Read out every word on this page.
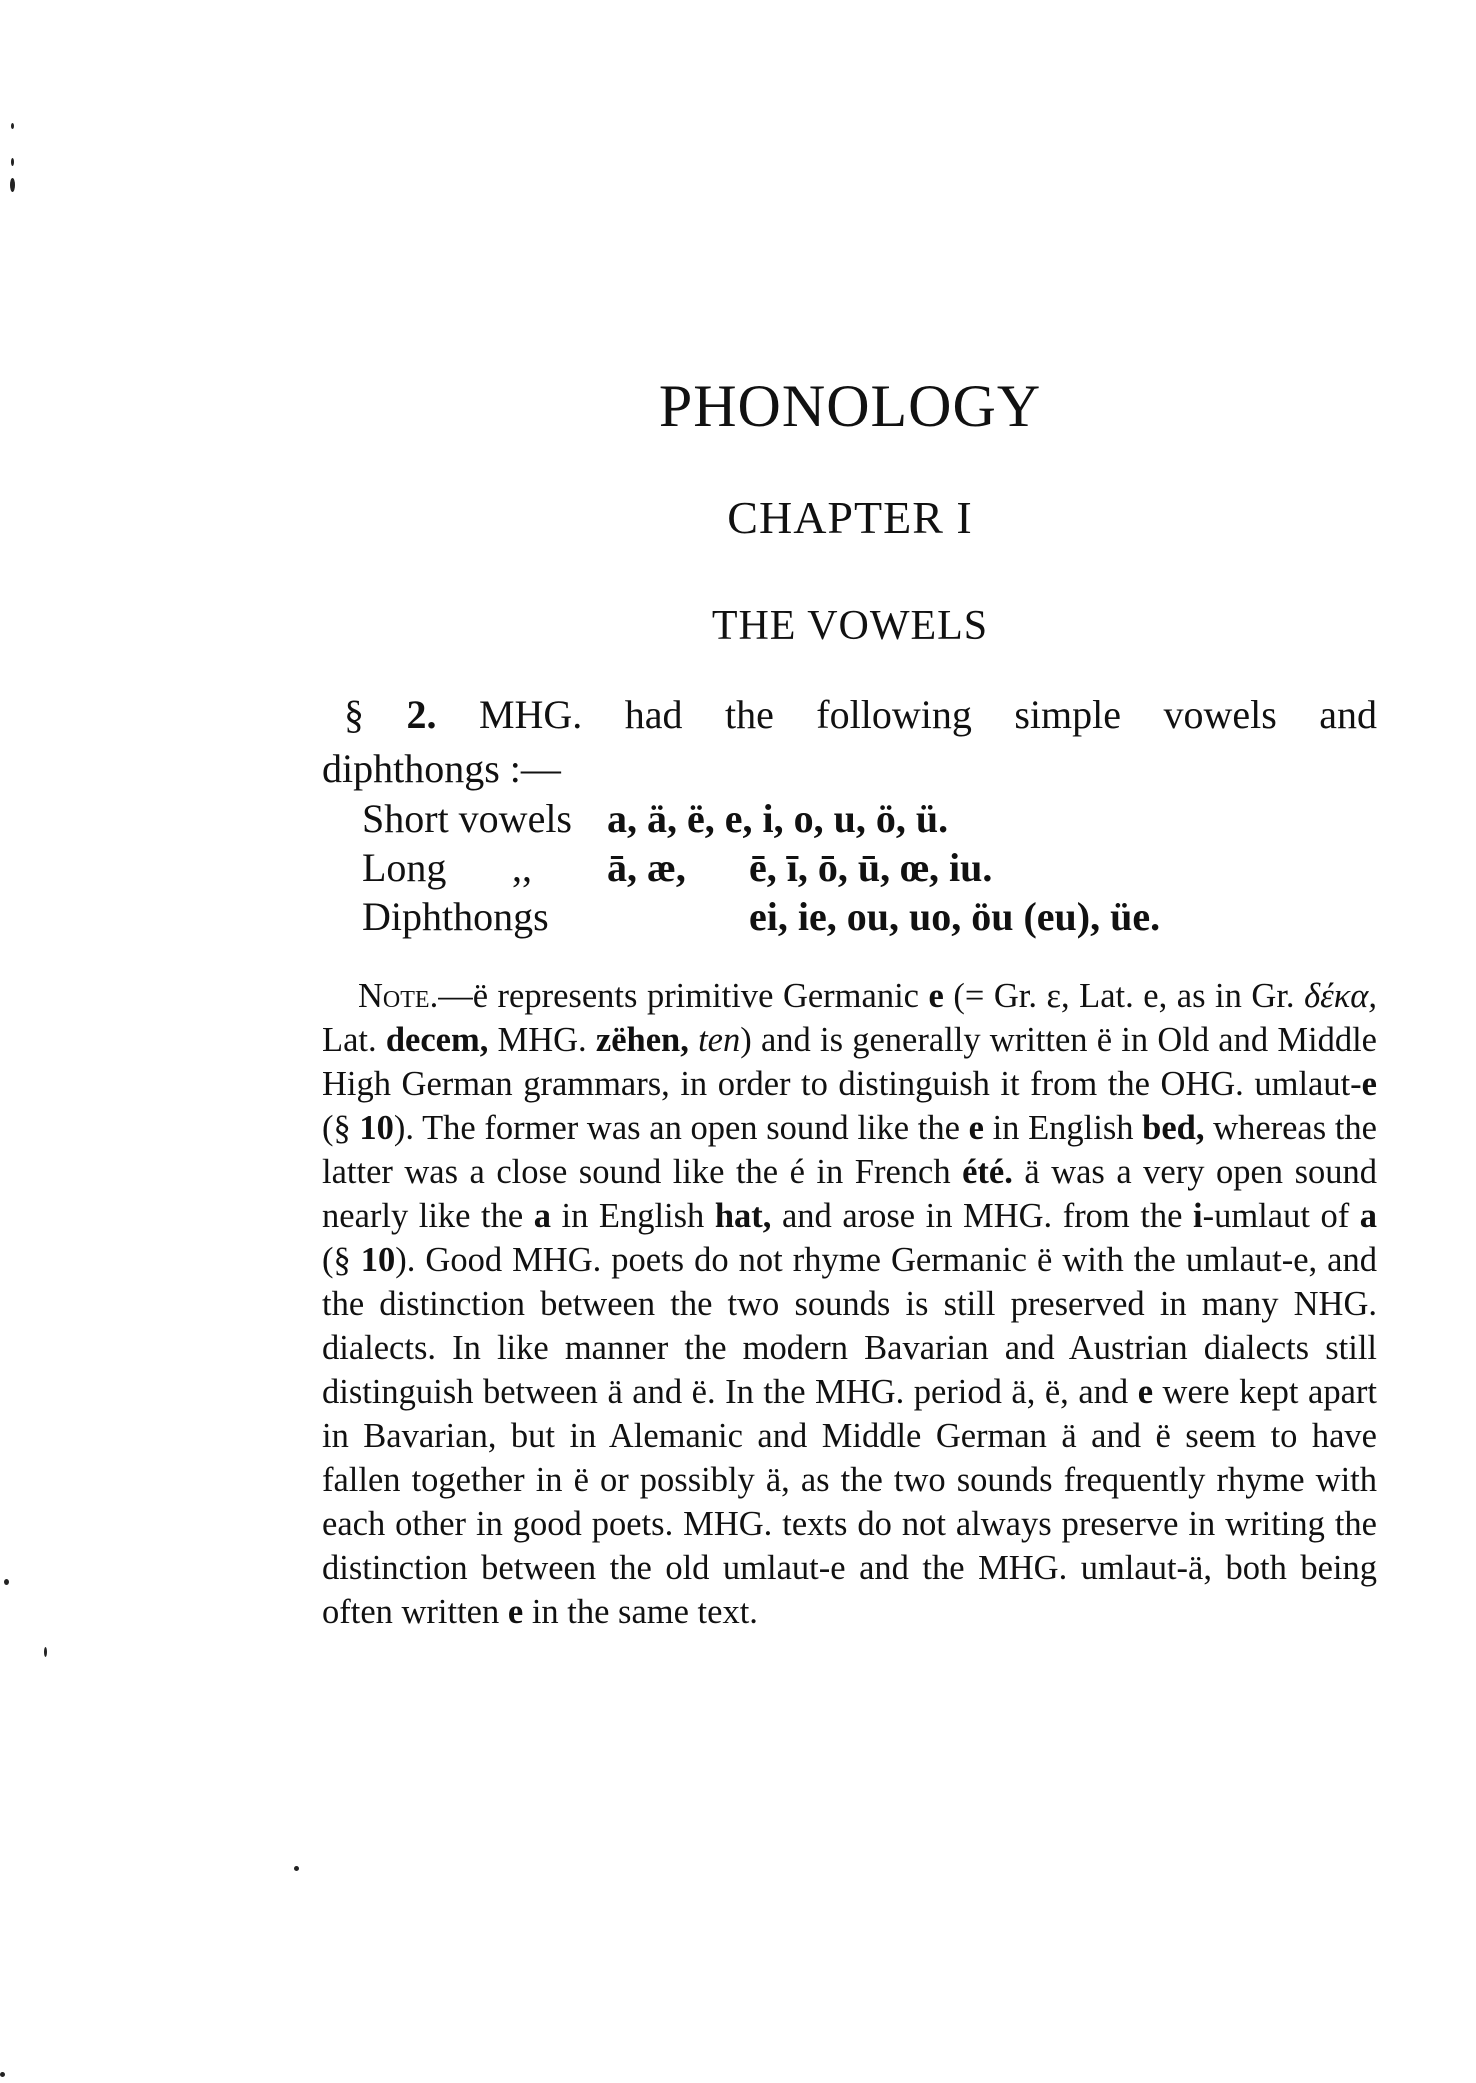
PHONOLOGY
CHAPTER I
THE VOWELS
§ 2. MHG. had the following simple vowels and
diphthongs :—
Short vowels a, ä, ë, e, i, o, u, ö, ü.
Long ,, ā, æ, ē, ī, ō, ū, œ, iu.
Diphthongs	ei, ie, ou, uo, öu (eu), üe.
Note.—ë represents primitive Germanic e (= Gr. ε, Lat. e, as in Gr. δέκα, Lat. decem, MHG. zëhen, ten) and is generally written ë in Old and Middle High German grammars, in order to distinguish it from the OHG. umlaut-e (§ 10). The former was an open sound like the e in English bed, whereas the latter was a close sound like the é in French été. ä was a very open sound nearly like the a in English hat, and arose in MHG. from the i-umlaut of a (§ 10). Good MHG. poets do not rhyme Germanic ë with the umlaut-e, and the distinction between the two sounds is still preserved in many NHG. dialects. In like manner the modern Bavarian and Austrian dialects still distinguish between ä and ë. In the MHG. period ä, ë, and e were kept apart in Bavarian, but in Alemanic and Middle German ä and ë seem to have fallen together in ë or possibly ä, as the two sounds frequently rhyme with each other in good poets. MHG. texts do not always preserve in writing the distinction between the old umlaut-e and the MHG. umlaut-ä, both being often written e in the same text.
